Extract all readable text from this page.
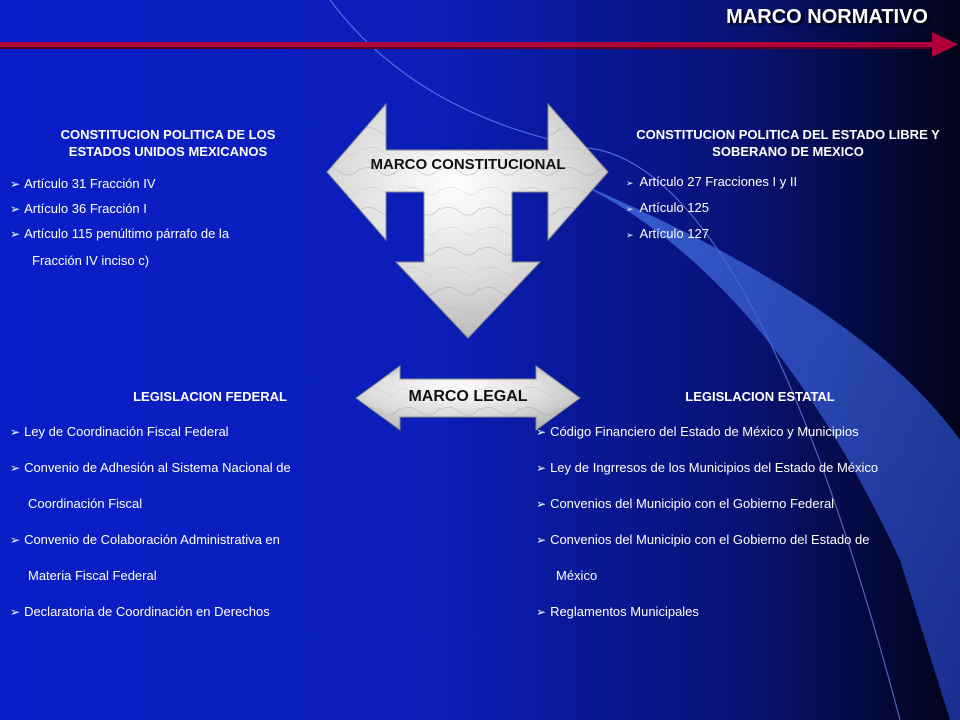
MARCO NORMATIVO
MARCO CONSTITUCIONAL
CONSTITUCION POLITICA DE LOS ESTADOS UNIDOS MEXICANOS
➢ Artículo 31 Fracción IV
➢ Artículo 36 Fracción I
➢ Artículo 115 penúltimo párrafo de la
Fracción IV inciso c)
CONSTITUCION POLITICA DEL ESTADO LIBRE Y SOBERANO DE MEXICO
➢ Artículo 27 Fracciones I y II
➢ Artículo 125
➢ Artículo 127
MARCO LEGAL
LEGISLACION FEDERAL
➢ Ley de Coordinación Fiscal Federal
➢ Convenio de Adhesión al Sistema Nacional de
Coordinación Fiscal
➢ Convenio de Colaboración Administrativa en
Materia Fiscal Federal
➢ Declaratoria de Coordinación en Derechos
LEGISLACION ESTATAL
➢ Código Financiero del Estado de México y Municipios
➢ Ley de Ingrresos de los Municipios del Estado de México
➢ Convenios del Municipio con el Gobierno Federal
➢ Convenios del Municipio con el Gobierno del Estado de
México
➢ Reglamentos Municipales
